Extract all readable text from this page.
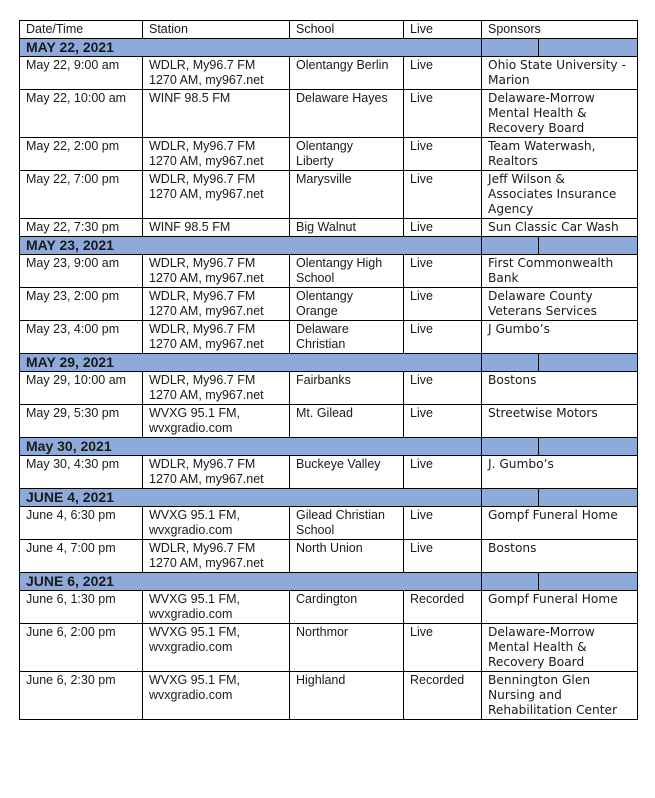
Date/Time	Station	School	Live	Sponsors
MAY 22, 2021				

May 22, 9:00 am	WDLR, My96.7 FM
1270 AM, my967.net	Olentangy Berlin	Live	Ohio State University -
Marion
May 22, 10:00 am	WINF 98.5 FM	Delaware Hayes	Live	Delaware-Morrow
Mental Health &
Recovery Board
May 22, 2:00 pm	WDLR, My96.7 FM
1270 AM, my967.net	Olentangy
Liberty	Live	Team Waterwash,
Realtors
May 22, 7:00 pm	WDLR, My96.7 FM
1270 AM, my967.net	Marysville	Live	Jeff Wilson &
Associates Insurance
Agency
May 22, 7:30 pm	WINF 98.5 FM	Big Walnut	Live	Sun Classic Car Wash
MAY 23, 2021				

May 23, 9:00 am	WDLR, My96.7 FM
1270 AM, my967.net	Olentangy High
School	Live	First Commonwealth
Bank
May 23, 2:00 pm	WDLR, My96.7 FM
1270 AM, my967.net	Olentangy
Orange	Live	Delaware County
Veterans Services
May 23, 4:00 pm	WDLR, My96.7 FM
1270 AM, my967.net	Delaware
Christian	Live	J Gumbo’s
MAY 29, 2021				

May 29, 10:00 am	WDLR, My96.7 FM
1270 AM, my967.net	Fairbanks	Live	Bostons
May 29, 5:30 pm	WVXG 95.1 FM,
wvxgradio.com	Mt. Gilead	Live	Streetwise Motors
May 30, 2021				

May 30, 4:30 pm	WDLR, My96.7 FM
1270 AM, my967.net	Buckeye Valley	Live	J. Gumbo’s
JUNE 4, 2021				

June 4, 6:30 pm	WVXG 95.1 FM,
wvxgradio.com	Gilead Christian
School	Live	Gompf Funeral Home
June 4, 7:00 pm	WDLR, My96.7 FM
1270 AM, my967.net	North Union	Live	Bostons
JUNE 6, 2021				

June 6, 1:30 pm	WVXG 95.1 FM,
wvxgradio.com	Cardington	Recorded	Gompf Funeral Home
June 6, 2:00 pm	WVXG 95.1 FM,
wvxgradio.com	Northmor	Live	Delaware-Morrow
Mental Health &
Recovery Board
June 6, 2:30 pm	WVXG 95.1 FM,
wvxgradio.com	Highland	Recorded	Bennington Glen
Nursing and
Rehabilitation Center
